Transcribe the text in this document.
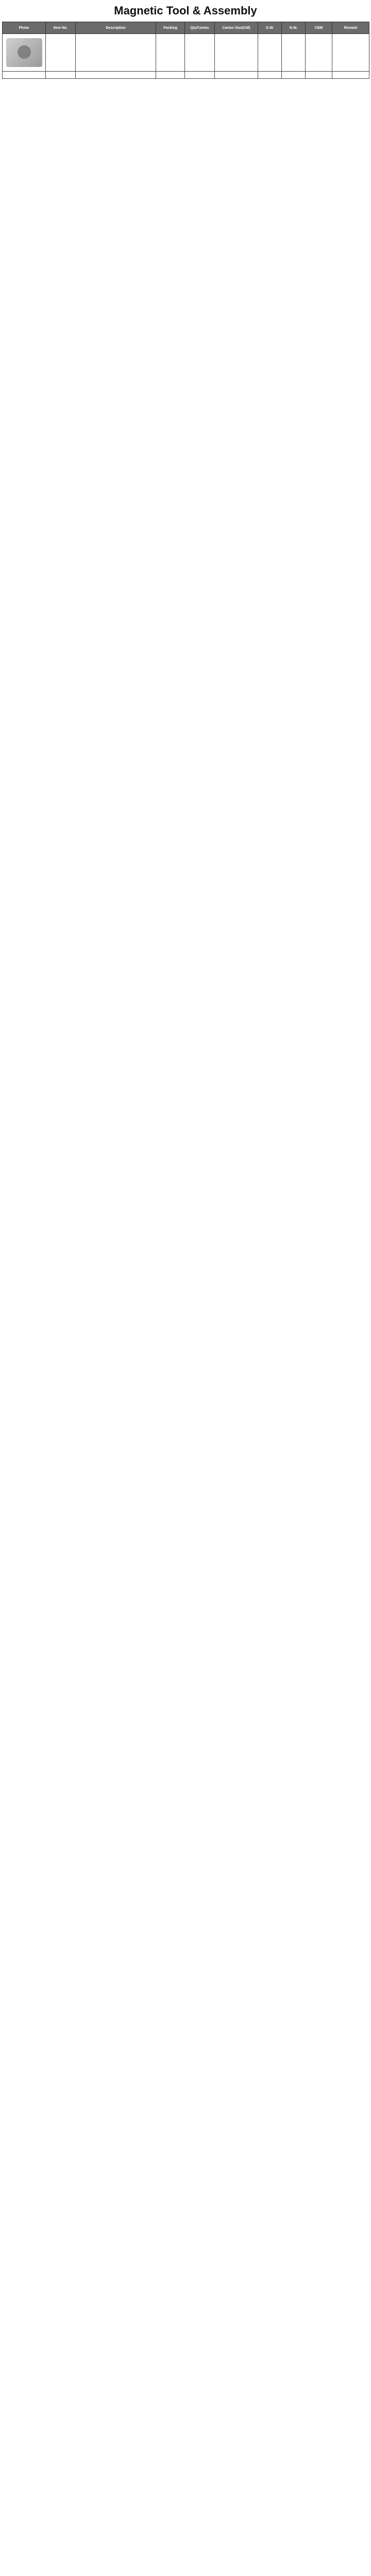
Magnetic Tool & Assembly
Photo	Item No.	Description	Packing	Qty/Carton	Carton Size(CM)	G.W.	N.W.	CBM	Remark
